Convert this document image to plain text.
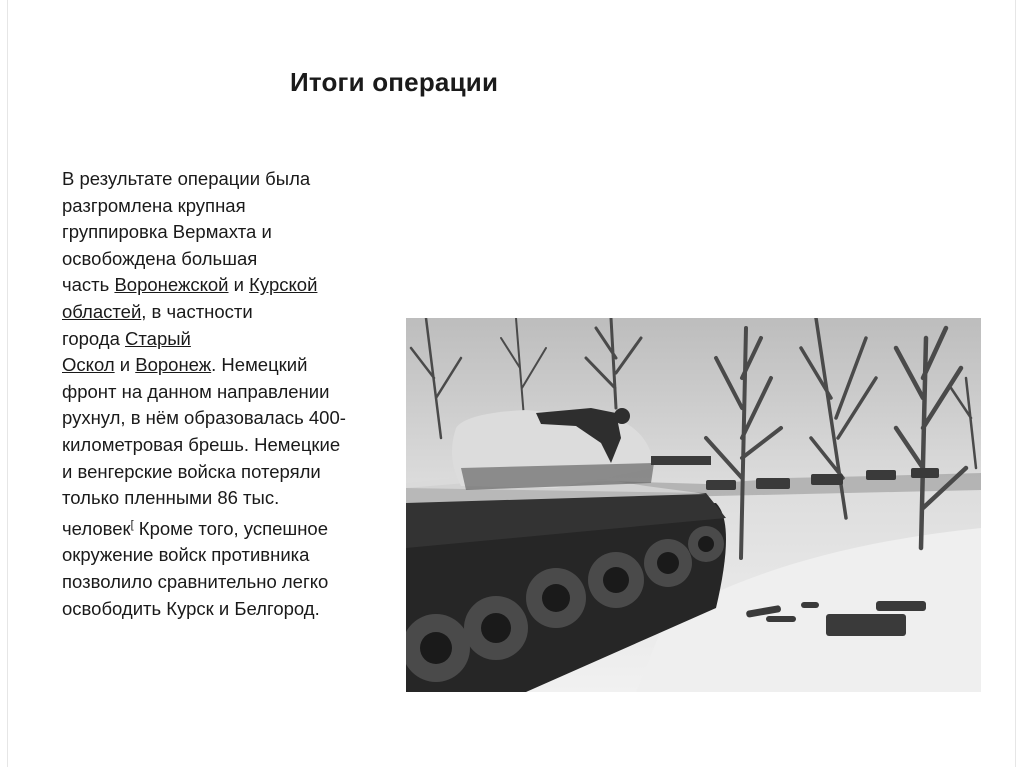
Итоги операции
В результате операции была
разгромлена крупная
группировка Вермахта и
освобождена большая
часть Воронежской и Курской
областей, в частности
города Старый
Оскол и Воронеж. Немецкий
фронт на данном направлении
рухнул, в нём образовалась 400-
километровая брешь. Немецкие
и венгерские войска потеряли
только пленными 86 тыс.
человек[ Кроме того, успешное
окружение войск противника
позволило сравнительно легко
освободить Курск и Белгород.
